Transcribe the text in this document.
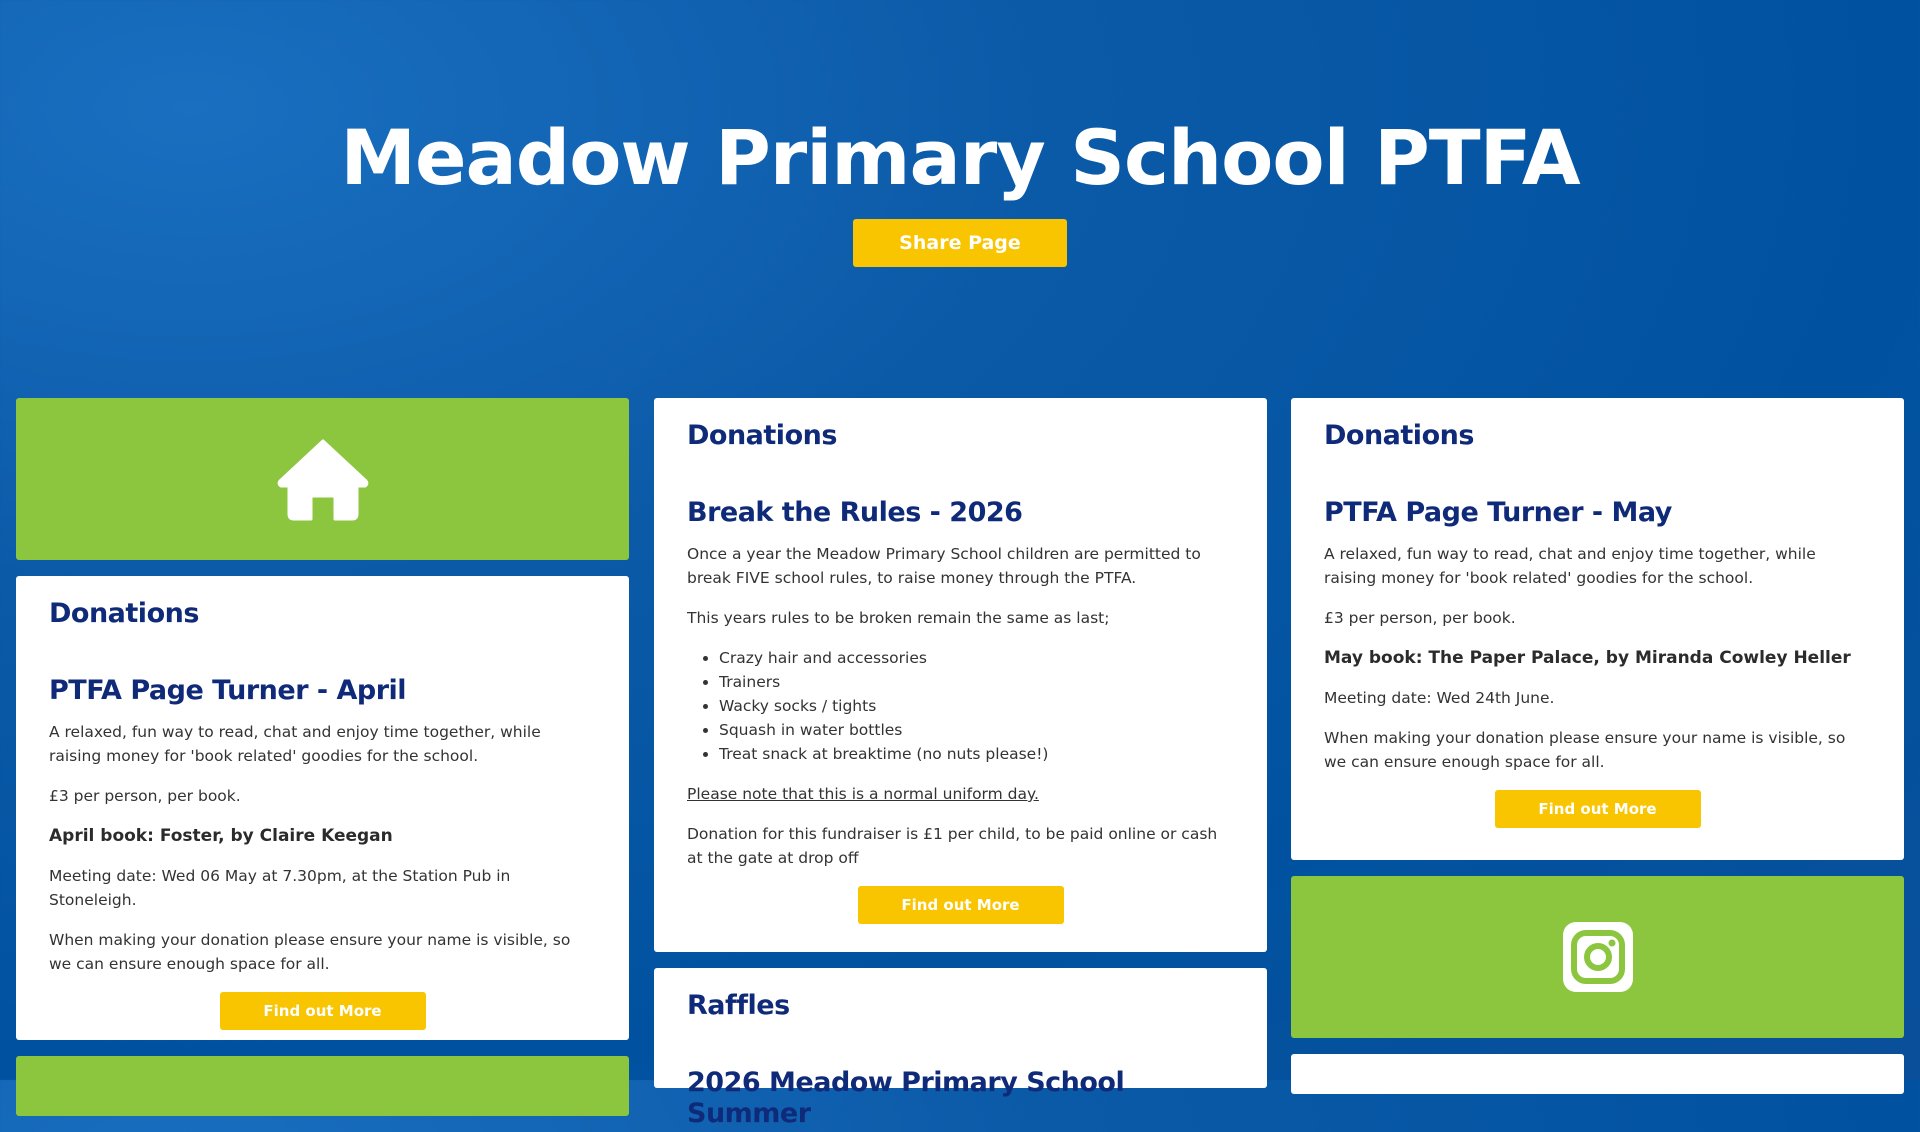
Meadow Primary School PTFA
Share Page
Donations
PTFA Page Turner - April

A relaxed, fun way to read, chat and enjoy time together, while raising money for 'book related' goodies for the school.

£3 per person, per book.

April book: Foster, by Claire Keegan

Meeting date: Wed 06 May at 7.30pm, at the Station Pub in Stoneleigh.

When making your donation please ensure your name is visible, so we can ensure enough space for all.

Find out More
Donations
Break the Rules - 2026

Once a year the Meadow Primary School children are permitted to break FIVE school rules, to raise money through the PTFA.

This years rules to be broken remain the same as last;

• Crazy hair and accessories
• Trainers
• Wacky socks / tights
• Squash in water bottles
• Treat snack at breaktime (no nuts please!)

Please note that this is a normal uniform day.

Donation for this fundraiser is £1 per child, to be paid online or cash at the gate at drop off

Find out More
Raffles
2026 Meadow Primary School Summer
Donations
PTFA Page Turner - May

A relaxed, fun way to read, chat and enjoy time together, while raising money for 'book related' goodies for the school.

£3 per person, per book.

May book: The Paper Palace, by Miranda Cowley Heller

Meeting date: Wed 24th June.

When making your donation please ensure your name is visible, so we can ensure enough space for all.

Find out More
